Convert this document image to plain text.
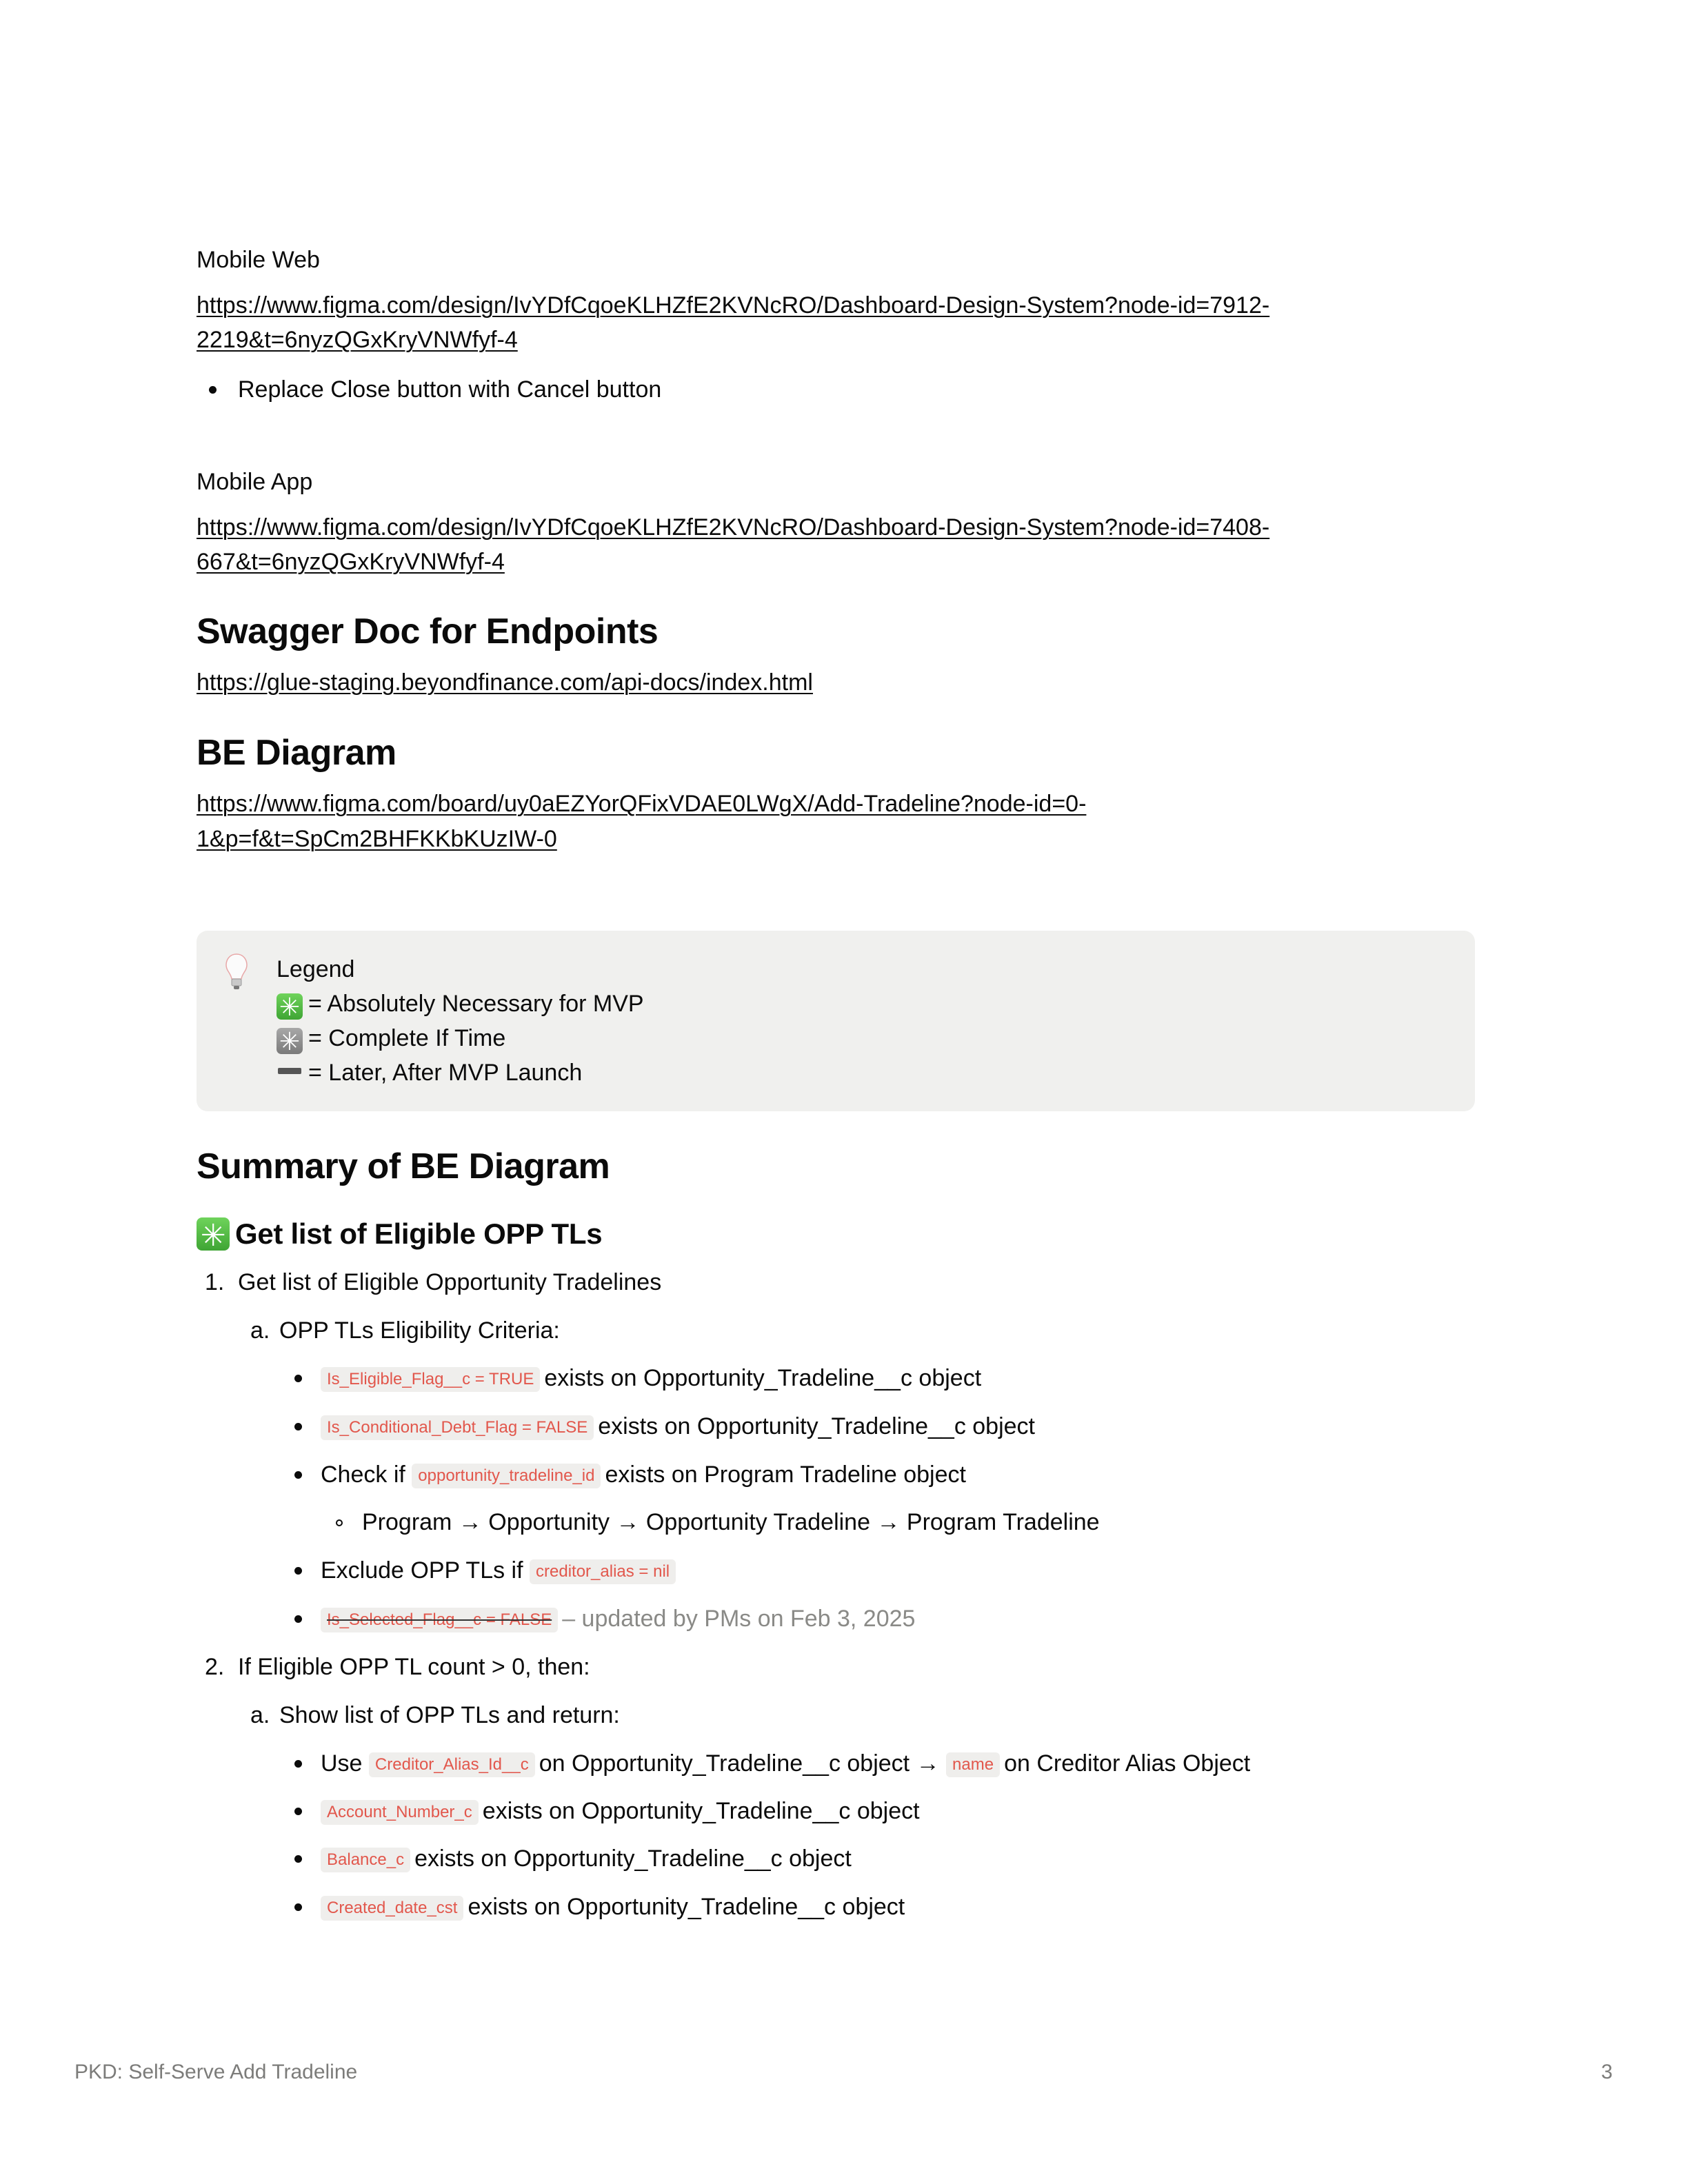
Mobile Web
https://www.figma.com/design/IvYDfCqoeKLHZfE2KVNcRO/Dashboard-Design-System?node-id=7912-
2219&t=6nyzQGxKryVNWfyf-4
Replace Close button with Cancel button
Mobile App
https://www.figma.com/design/IvYDfCqoeKLHZfE2KVNcRO/Dashboard-Design-System?node-id=7408-
667&t=6nyzQGxKryVNWfyf-4
Swagger Doc for Endpoints
https://glue-staging.beyondfinance.com/api-docs/index.html
BE Diagram
https://www.figma.com/board/uy0aEZYorQFixVDAE0LWgX/Add-Tradeline?node-id=0-
1&p=f&t=SpCm2BHFKKbKUzIW-0
Legend
✳ = Absolutely Necessary for MVP
✳ = Complete If Time
= Later, After MVP Launch
Summary of BE Diagram
✳ Get list of Eligible OPP TLs
1. Get list of Eligible Opportunity Tradelines
a. OPP TLs Eligibility Criteria:
Is_Eligible_Flag__c = TRUE exists on Opportunity_Tradeline__c object
Is_Conditional_Debt_Flag = FALSE exists on Opportunity_Tradeline__c object
Check if opportunity_tradeline_id exists on Program Tradeline object
Program → Opportunity → Opportunity Tradeline → Program Tradeline
Exclude OPP TLs if creditor_alias = nil
Is_Selected_Flag__c = FALSE – updated by PMs on Feb 3, 2025
2. If Eligible OPP TL count > 0, then:
a. Show list of OPP TLs and return:
Use Creditor_Alias_Id__c on Opportunity_Tradeline__c object → name on Creditor Alias Object
Account_Number_c exists on Opportunity_Tradeline__c object
Balance_c exists on Opportunity_Tradeline__c object
Created_date_cst exists on Opportunity_Tradeline__c object
PKD: Self-Serve Add Tradeline	3
